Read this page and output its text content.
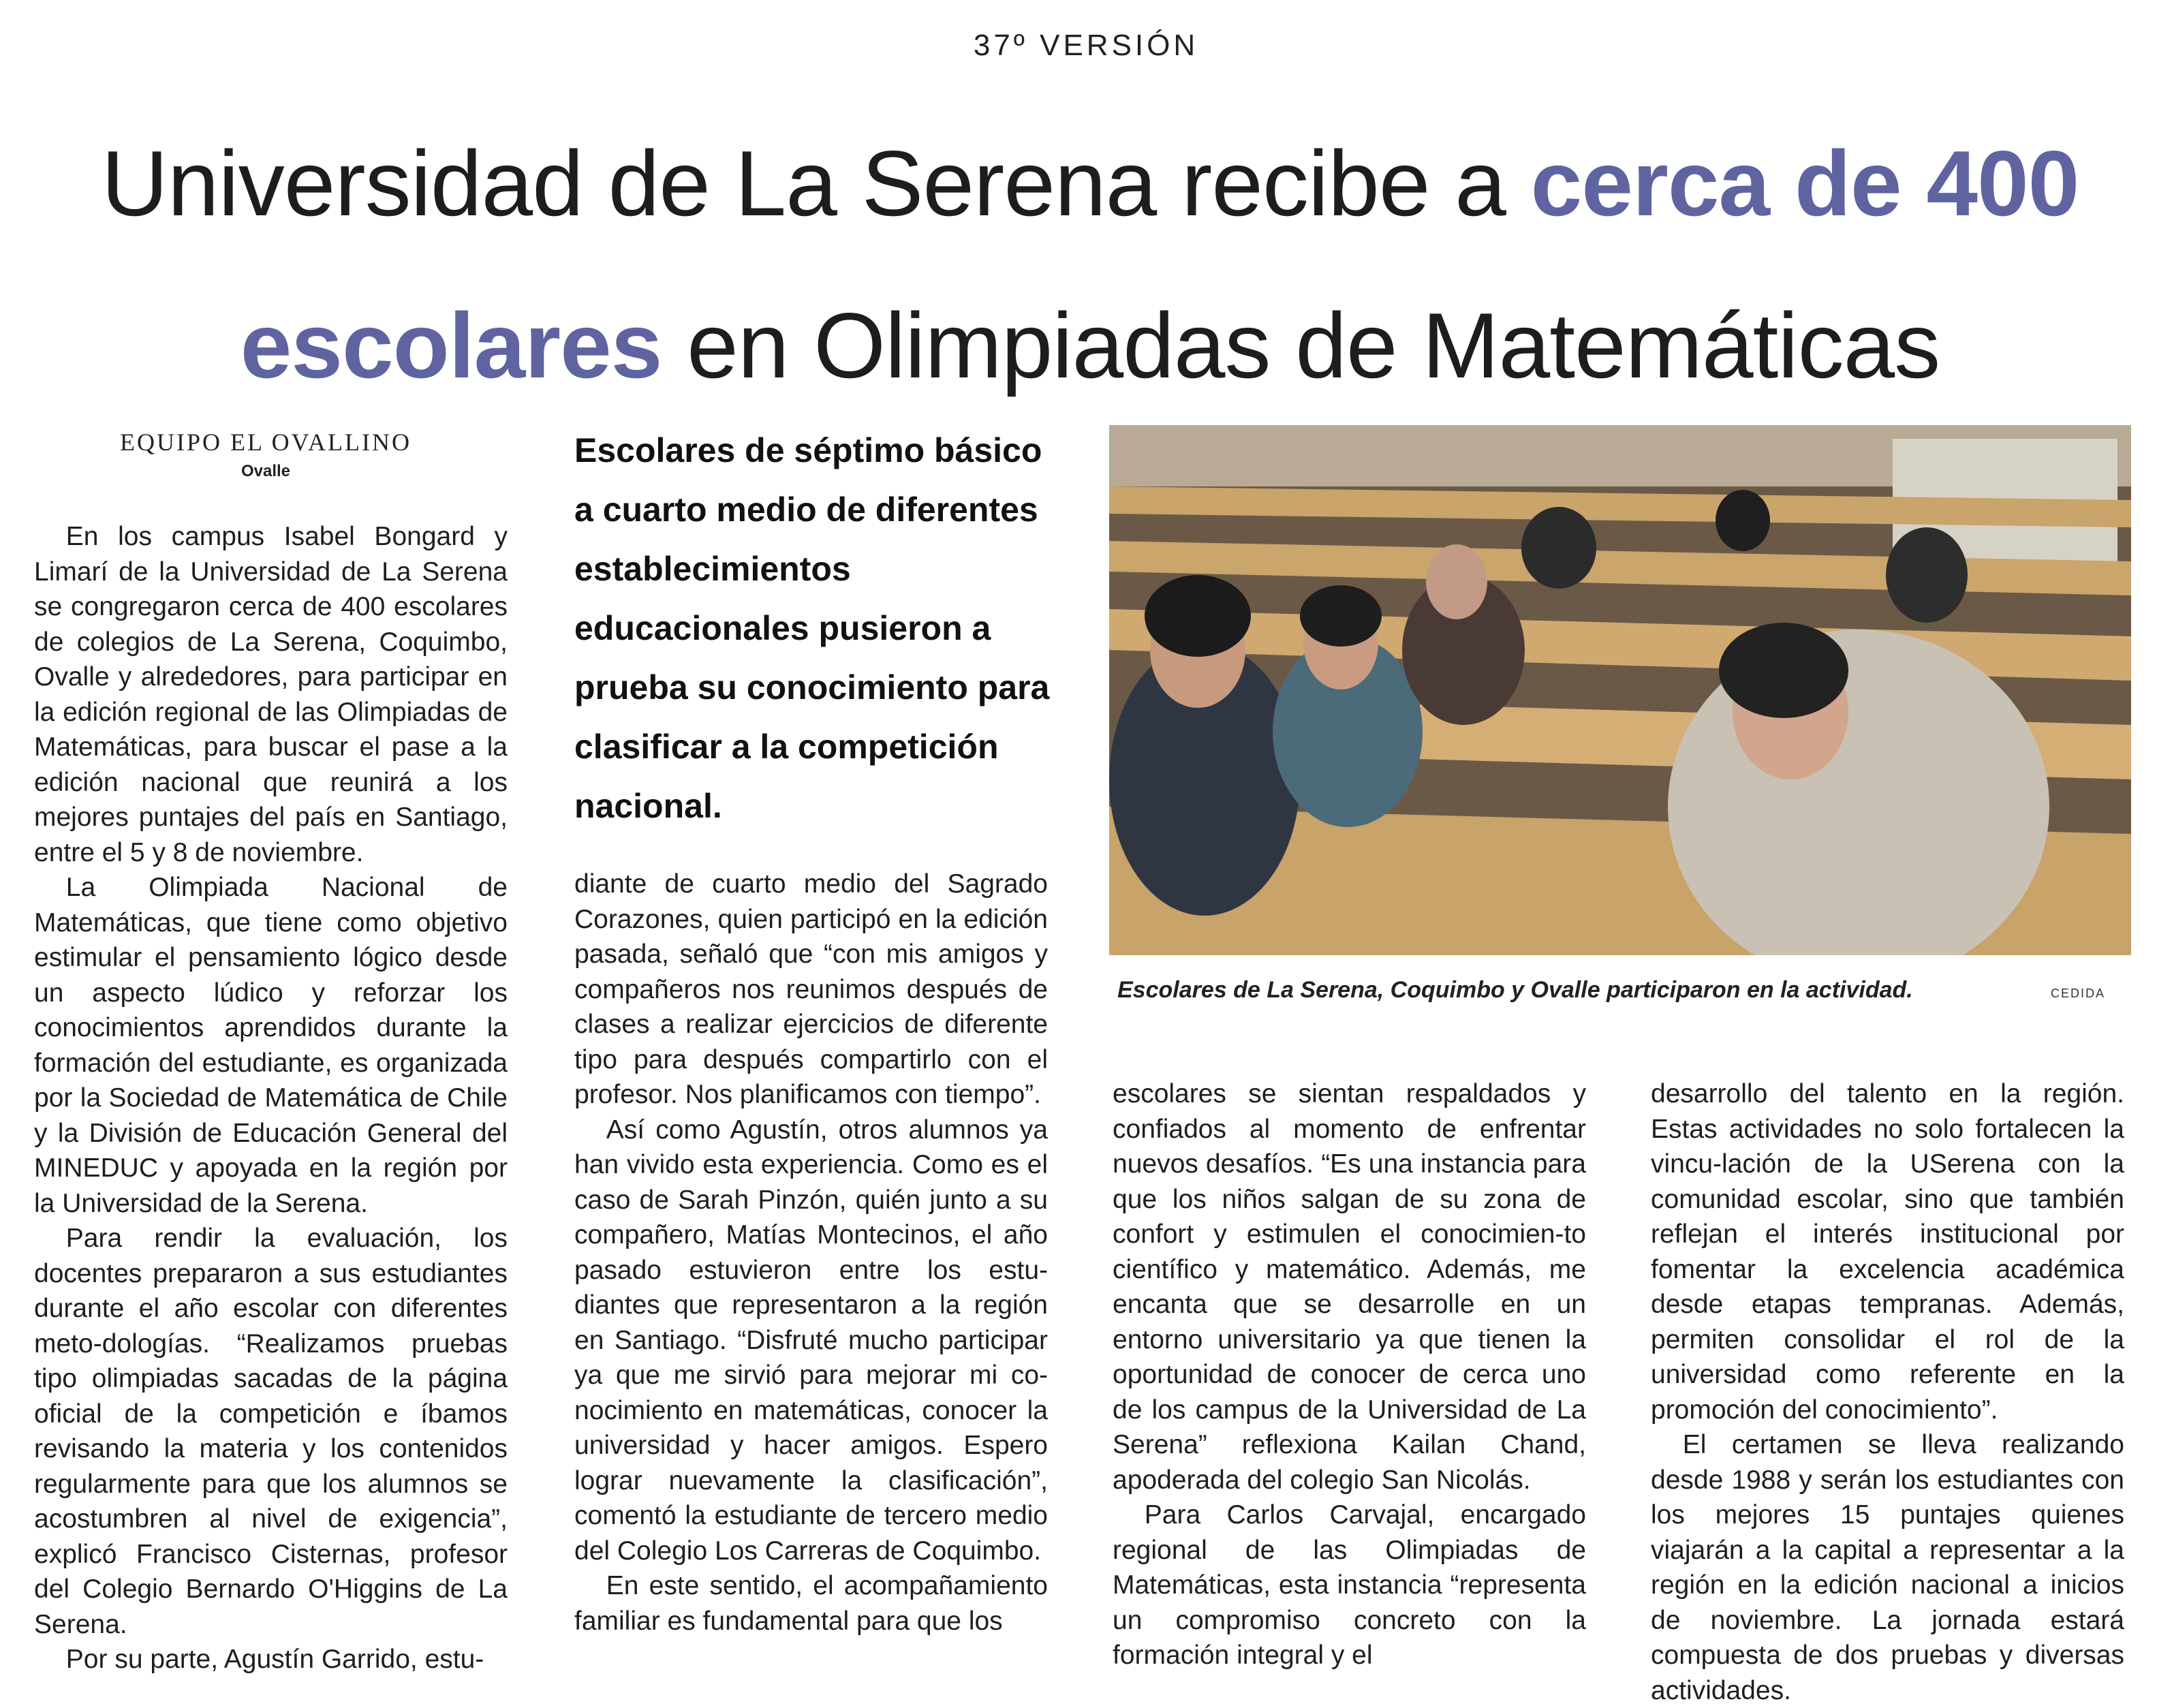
37º VERSIÓN
Universidad de La Serena recibe a cerca de 400 escolares en Olimpiadas de Matemáticas
EQUIPO EL OVALLINO
Ovalle

En los campus Isabel Bongard y Limarí de la Universidad de La Serena se congregaron cerca de 400 escolares de colegios de La Serena, Coquimbo, Ovalle y alrededores, para participar en la edición regional de las Olimpiadas de Matemáticas, para buscar el pase a la edición nacional que reunirá a los mejores puntajes del país en Santiago, entre el 5 y 8 de noviembre.

La Olimpiada Nacional de Matemáticas, que tiene como objetivo estimular el pensamiento lógico desde un aspecto lúdico y reforzar los conocimientos aprendidos durante la formación del estudiante, es organizada por la Sociedad de Matemática de Chile y la División de Educación General del MINEDUC y apoyada en la región por la Universidad de la Serena.

Para rendir la evaluación, los docentes prepararon a sus estudiantes durante el año escolar con diferentes meto-dologías. “Realizamos pruebas tipo olimpiadas sacadas de la página oficial de la competición e íbamos revisando la materia y los contenidos regularmente para que los alumnos se acostumbren al nivel de exigencia”, explicó Francisco Cisternas, profesor del Colegio Bernardo O'Higgins de La Serena.

Por su parte, Agustín Garrido, estu-

Escolares de séptimo básico a cuarto medio de diferentes establecimientos educacionales pusieron a prueba su conocimiento para clasificar a la competición nacional.

diante de cuarto medio del Sagrado Corazones, quien participó en la edición pasada, señaló que “con mis amigos y compañeros nos reunimos después de clases a realizar ejercicios de diferente tipo para después compartirlo con el profesor. Nos planificamos con tiempo”.

Así como Agustín, otros alumnos ya han vivido esta experiencia. Como es el caso de Sarah Pinzón, quién junto a su compañero, Matías Montecinos, el año pasado estuvieron entre los estu-diantes que representaron a la región en Santiago. “Disfruté mucho participar ya que me sirvió para mejorar mi co-nocimiento en matemáticas, conocer la universidad y hacer amigos. Espero lograr nuevamente la clasificación”, comentó la estudiante de tercero medio del Colegio Los Carreras de Coquimbo.

En este sentido, el acompañamiento familiar es fundamental para que los

Escolares de La Serena, Coquimbo y Ovalle participaron en la actividad.	CEDIDA

escolares se sientan respaldados y confiados al momento de enfrentar nuevos desafíos. “Es una instancia para que los niños salgan de su zona de confort y estimulen el conocimien-to científico y matemático. Además, me encanta que se desarrolle en un entorno universitario ya que tienen la oportunidad de conocer de cerca uno de los campus de la Universidad de La Serena” reflexiona Kailan Chand, apoderada del colegio San Nicolás.

Para Carlos Carvajal, encargado regional de las Olimpiadas de Matemáticas, esta instancia “representa un compromiso concreto con la formación integral y el

desarrollo del talento en la región. Estas actividades no solo fortalecen la vincu-lación de la USerena con la comunidad escolar, sino que también reflejan el interés institucional por fomentar la excelencia académica desde etapas tempranas. Además, permiten consolidar el rol de la universidad como referente en la promoción del conocimiento”.

El certamen se lleva realizando desde 1988 y serán los estudiantes con los mejores 15 puntajes quienes viajarán a la capital a representar a la región en la edición nacional a inicios de noviembre. La jornada estará compuesta de dos pruebas y diversas actividades.
